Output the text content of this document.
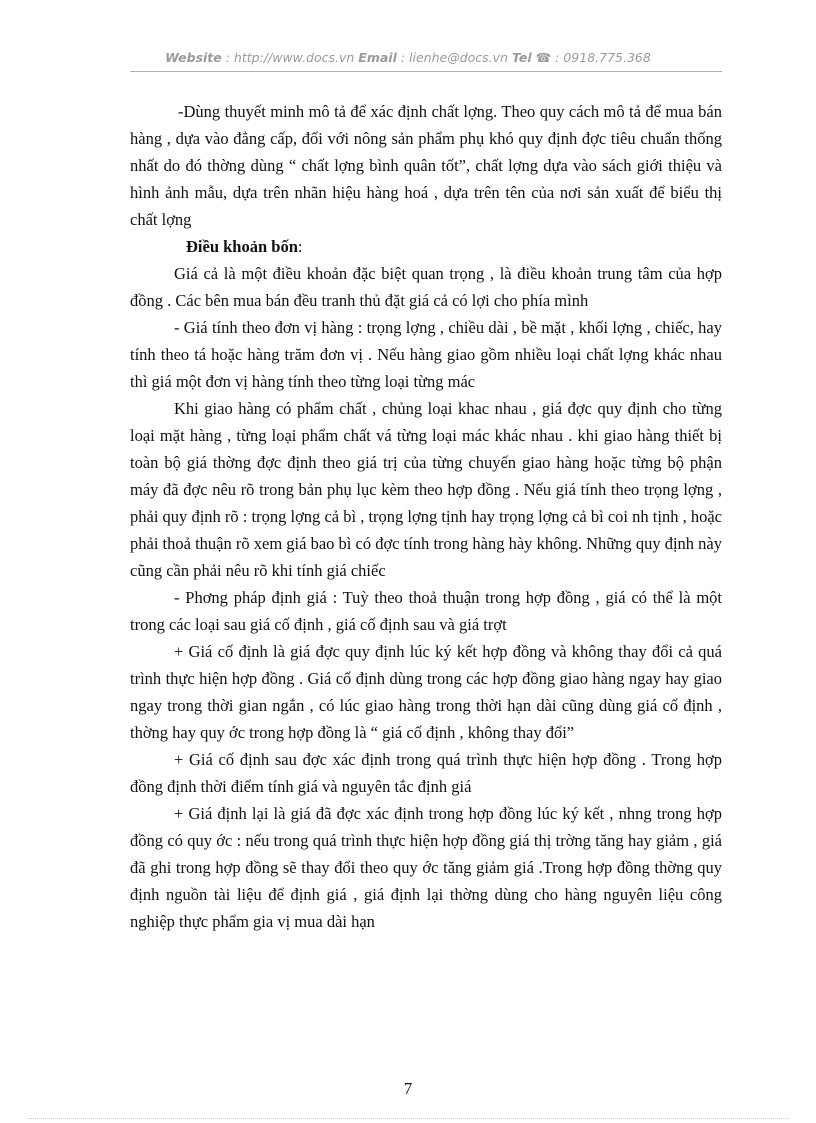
Website : http://www.docs.vn Email : lienhe@docs.vn Tel ☎ : 0918.775.368

-Dùng thuyết minh mô tả để xác định chất lợng. Theo quy cách mô tả để mua bán hàng , dựa vào đẳng cấp, đối với nông sản phẩm phụ khó quy định đợc tiêu chuẩn thống nhất do đó thờng dùng “ chất lợng bình quân tốt”, chất lợng dựa vào sách giới thiệu và hình ảnh mẫu, dựa trên nhãn hiệu hàng hoá , dựa trên tên của nơi sản xuất để biểu thị chất lợng

Điều khoản bốn:

Giá cả là một điều khoản đặc biệt quan trọng , là điều khoản trung tâm của hợp đồng . Các bên mua bán đều tranh thủ đặt giá cả có lợi cho phía mình

- Giá tính theo đơn vị hàng : trọng lợng , chiều dài , bề mặt , khối lợng , chiếc, hay tính theo tá hoặc hàng trăm đơn vị . Nếu hàng giao gồm nhiều loại chất lợng khác nhau thì giá một đơn vị hàng tính theo từng loại từng mác

Khi giao hàng có phẩm chất , chủng loại khac nhau , giá đợc quy định cho từng loại mặt hàng , từng loại phẩm chất vá từng loại mác khác nhau . khi giao hàng thiết bị toàn bộ giá thờng đợc định theo giá trị của từng chuyến giao hàng hoặc từng bộ phận máy đã đợc nêu rõ trong bản phụ lục kèm theo hợp đồng . Nếu giá tính theo trọng lợng , phải quy định rõ : trọng lợng cả bì , trọng lợng tịnh hay trọng lợng cả bì coi nh tịnh , hoặc phải thoả thuận rõ xem giá bao bì có đợc tính trong hàng hày không. Những quy định này cũng cần phải nêu rõ khi tính giá chiếc

- Phơng pháp định giá : Tuỳ theo thoả thuận trong hợp đồng , giá có thể là một trong các loại sau giá cố định , giá cố định sau và giá trợt

+ Giá cố định là giá đợc quy định lúc ký kết hợp đồng và không thay đổi cả quá trình thực hiện hợp đồng . Giá cố định dùng trong các hợp đồng giao hàng ngay hay giao ngay trong thời gian ngắn , có lúc giao hàng trong thời hạn dài cũng dùng giá cố định , thờng hay quy ớc trong hợp đồng là “ giá cố định , không thay đổi”

+ Giá cố định sau đợc xác định trong quá trình thực hiện hợp đồng . Trong hợp đồng định thời điểm tính giá và nguyên tắc định giá

+ Giá định lại là giá đã đợc xác định trong hợp đồng lúc ký kết , nhng trong hợp đồng có quy ớc : nếu trong quá trình thực hiện hợp đồng giá thị trờng tăng hay giảm , giá đã ghi trong hợp đồng sẽ thay đổi theo quy ớc tăng giảm giá .Trong hợp đồng thờng quy định nguồn tài liệu để định giá , giá định lại thờng dùng cho hàng nguyên liệu công nghiệp thực phẩm gia vị mua dài hạn

7
